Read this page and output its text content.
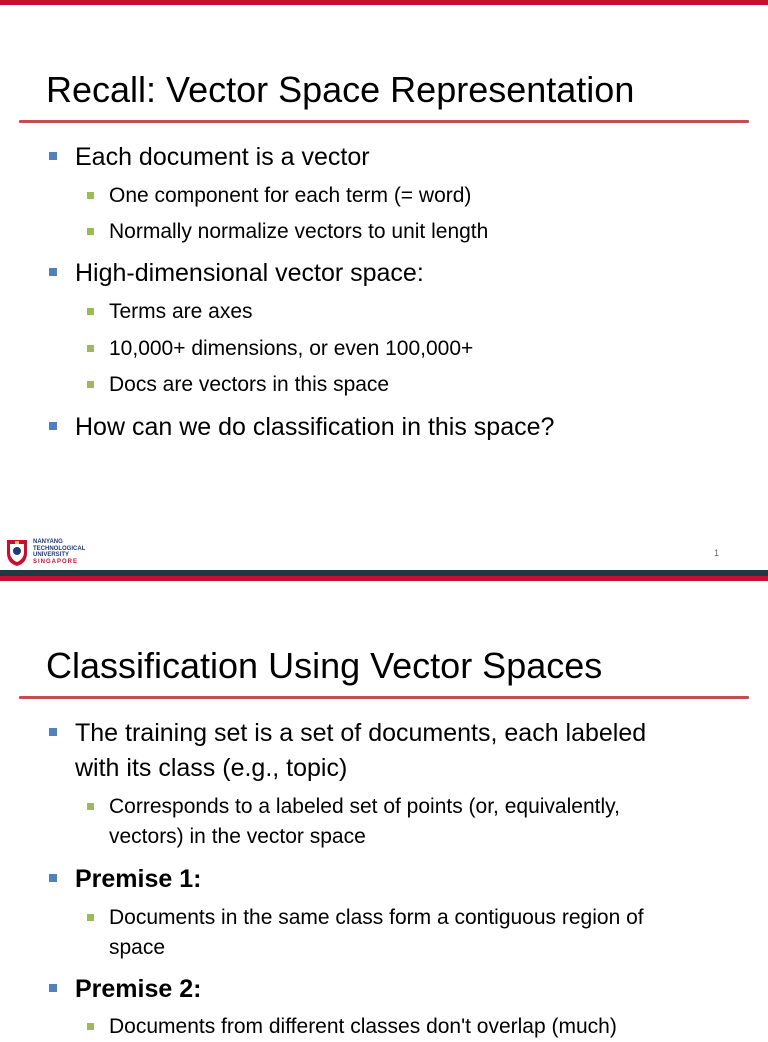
Recall: Vector Space Representation
Each document is a vector
One component for each term (= word)
Normally normalize vectors to unit length
High-dimensional vector space:
Terms are axes
10,000+ dimensions, or even 100,000+
Docs are vectors in this space
How can we do classification in this space?
NANYANG
TECHNOLOGICAL
UNIVERSITY
SINGAPORE
1
Classification Using Vector Spaces
The training set is a set of documents, each labeled
with its class (e.g., topic)
Corresponds to a labeled set of points (or, equivalently,
vectors) in the vector space
Premise 1:
Documents in the same class form a contiguous region of
space
Premise 2:
Documents from different classes don't overlap (much)
